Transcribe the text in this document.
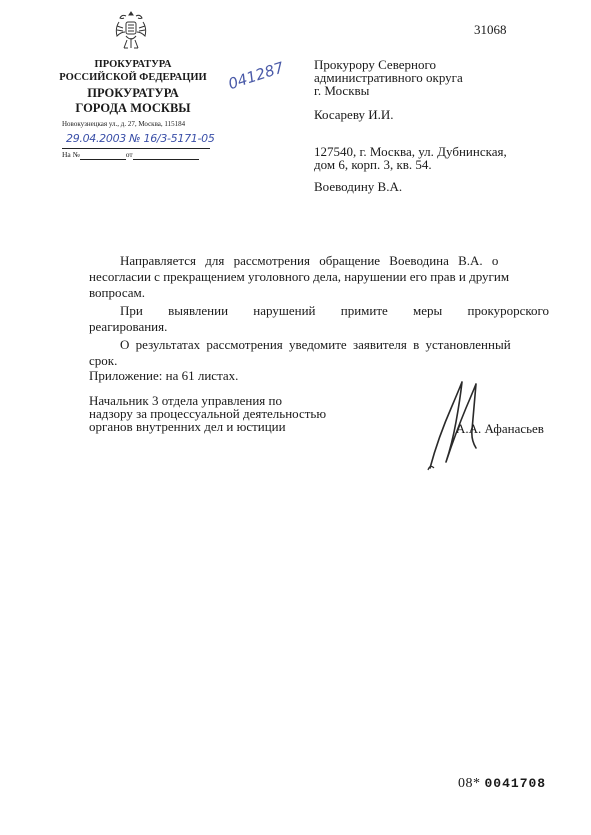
ПРОКУРАТУРА
РОССИЙСКОЙ ФЕДЕРАЦИИ
ПРОКУРАТУРА
ГОРОДА МОСКВЫ
Новокузнецкая ул., д. 27, Москва, 115184
29.04.2003 № 16/3-5171-05
На №	от
041287
31068
Прокурору Северного
административного округа
г. Москвы
Косареву И.И.
127540, г. Москва, ул. Дубнинская,
дом 6, корп. 3, кв. 54.
Воеводину В.А.
Направляется для рассмотрения обращение Воеводина В.А. о
несогласии с прекращением уголовного дела, нарушении его прав и другим
вопросам.
При выявлении нарушений примите меры прокурорского
реагирования.
О результатах рассмотрения уведомите заявителя в установленный
срок.
Приложение: на 61 листах.
Начальник 3 отдела управления по
надзору за процессуальной деятельностью
органов внутренних дел и юстиции	А.А. Афанасьев
08* 0041708
